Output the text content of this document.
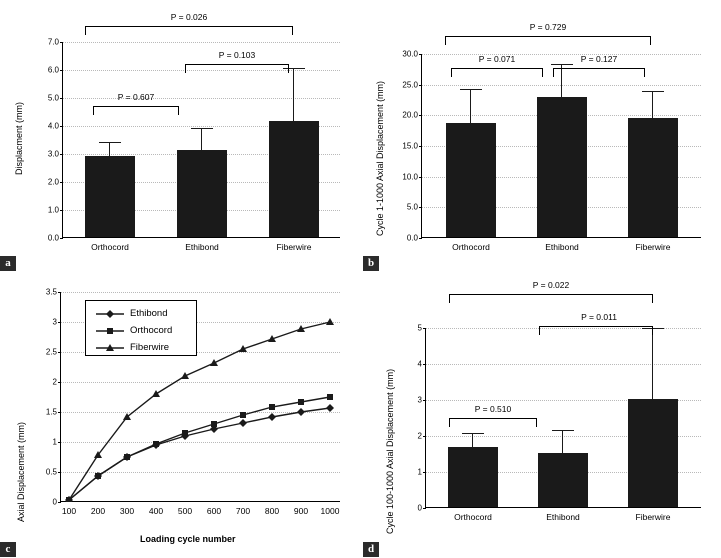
Displacment (mm)
7.0
6.0
5.0
4.0
3.0
2.0
1.0
0.0
Orthocord	Ethibond	Fiberwire
P = 0.026
P = 0.607
P = 0.103
a
Cycle 1-1000 Axial Displacement (mm)
30.0
25.0
20.0
15.0
10.0
5.0
0.0
Orthocord	Ethibond	Fiberwire
P = 0.729
P = 0.071	P = 0.127
b
Axial Displacement (mm)
3.5
3
2.5
2
1.5
1
0.5
0
100 200 300 400 500 600 700 800 900 1000
Ethibond
Orthocord
Fiberwire
Loading cycle number
c
Cycle 100-1000 Axial Displacement (mm)
5
4
3
2
1
0
Orthocord	Ethibond	Fiberwire
P = 0.022
P = 0.011
P = 0.510
d
